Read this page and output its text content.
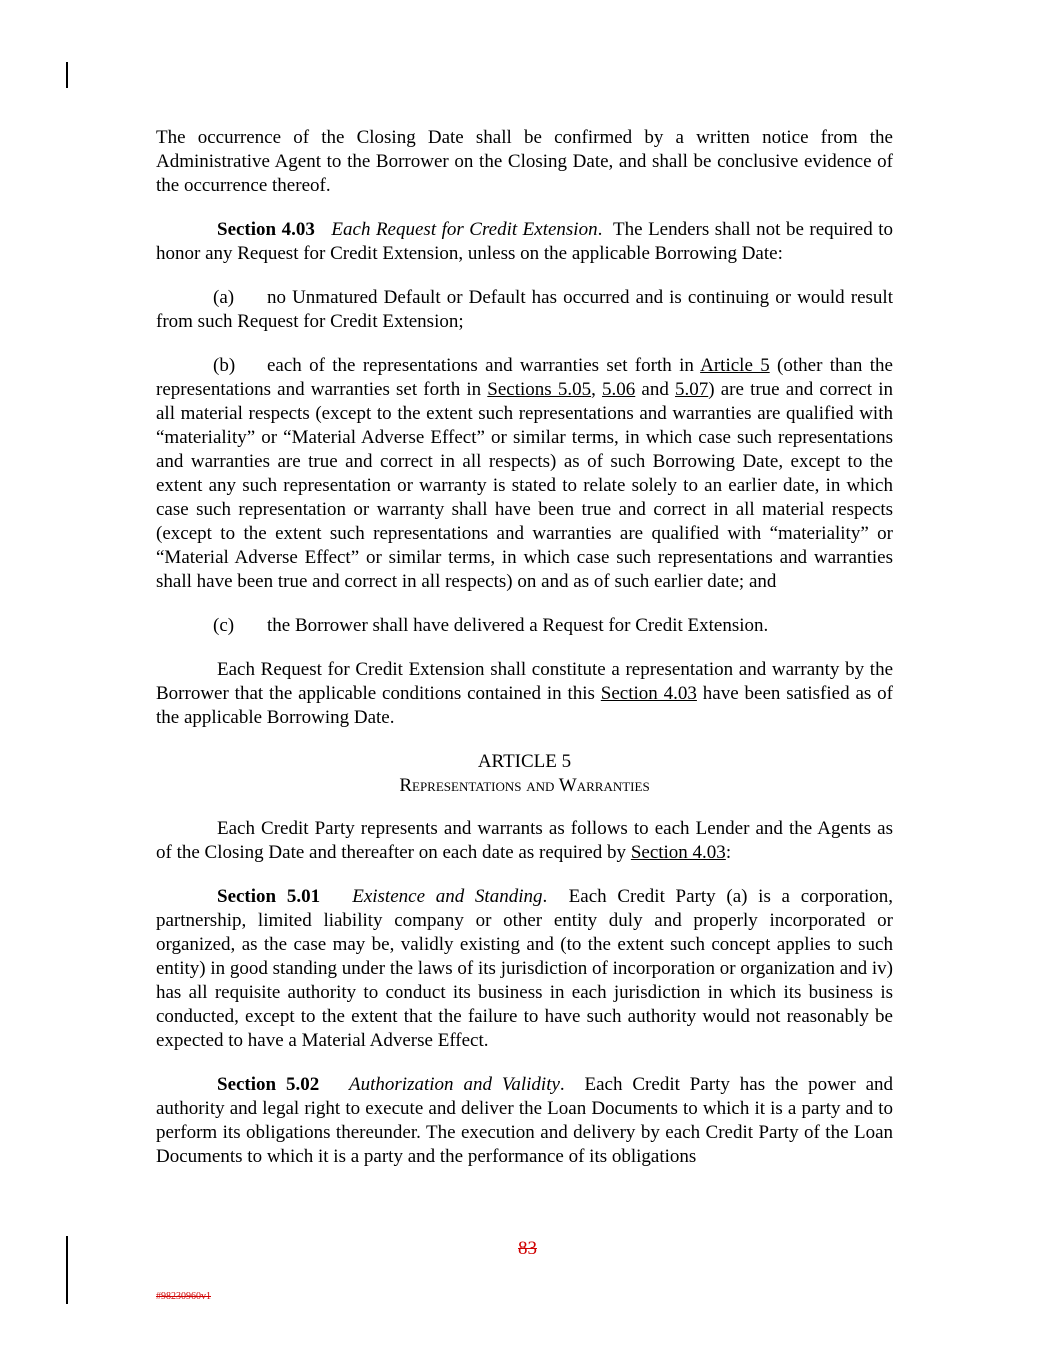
The occurrence of the Closing Date shall be confirmed by a written notice from the Administrative Agent to the Borrower on the Closing Date, and shall be conclusive evidence of the occurrence thereof.

Section 4.03 Each Request for Credit Extension. The Lenders shall not be required to honor any Request for Credit Extension, unless on the applicable Borrowing Date:

(a) no Unmatured Default or Default has occurred and is continuing or would result from such Request for Credit Extension;

(b) each of the representations and warranties set forth in Article 5 (other than the representations and warranties set forth in Sections 5.05, 5.06 and 5.07) are true and correct in all material respects (except to the extent such representations and warranties are qualified with “materiality” or “Material Adverse Effect” or similar terms, in which case such representations and warranties are true and correct in all respects) as of such Borrowing Date, except to the extent any such representation or warranty is stated to relate solely to an earlier date, in which case such representation or warranty shall have been true and correct in all material respects (except to the extent such representations and warranties are qualified with “materiality” or “Material Adverse Effect” or similar terms, in which case such representations and warranties shall have been true and correct in all respects) on and as of such earlier date; and

(c) the Borrower shall have delivered a Request for Credit Extension.

Each Request for Credit Extension shall constitute a representation and warranty by the Borrower that the applicable conditions contained in this Section 4.03 have been satisfied as of the applicable Borrowing Date.

ARTICLE 5

Representations and Warranties

Each Credit Party represents and warrants as follows to each Lender and the Agents as of the Closing Date and thereafter on each date as required by Section 4.03:

Section 5.01 Existence and Standing. Each Credit Party (a) is a corporation, partnership, limited liability company or other entity duly and properly incorporated or organized, as the case may be, validly existing and (to the extent such concept applies to such entity) in good standing under the laws of its jurisdiction of incorporation or organization and iv) has all requisite authority to conduct its business in each jurisdiction in which its business is conducted, except to the extent that the failure to have such authority would not reasonably be expected to have a Material Adverse Effect.

Section 5.02 Authorization and Validity. Each Credit Party has the power and authority and legal right to execute and deliver the Loan Documents to which it is a party and to perform its obligations thereunder. The execution and delivery by each Credit Party of the Loan Documents to which it is a party and the performance of its obligations

83
#98230960v1
